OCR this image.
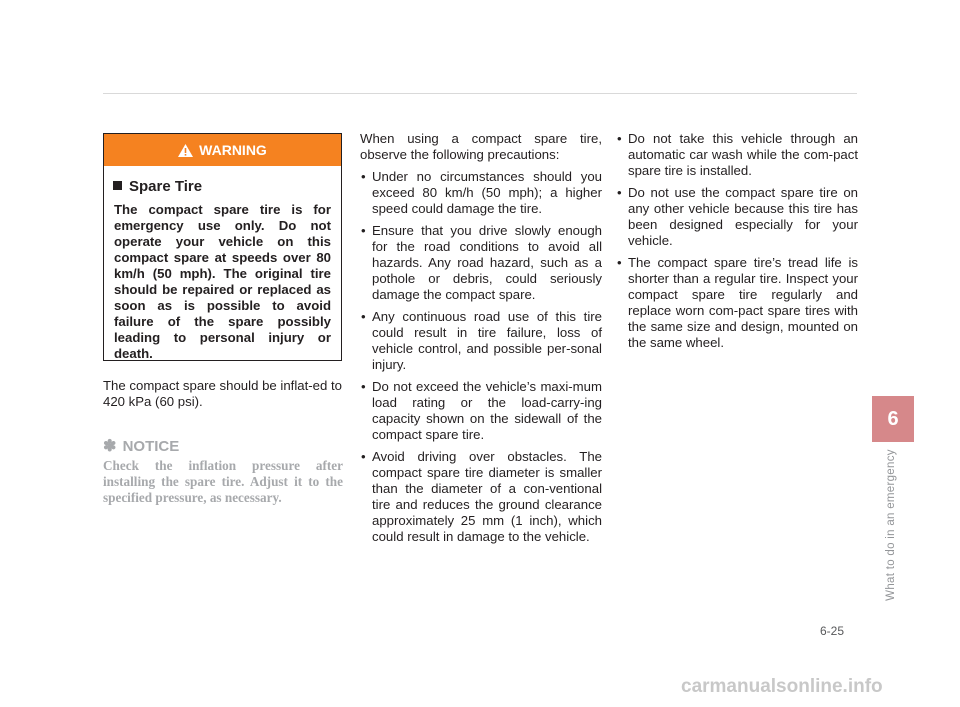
WARNING
Spare Tire
The compact spare tire is for emergency use only. Do not operate your vehicle on this compact spare at speeds over 80 km/h (50 mph). The original tire should be repaired or replaced as soon as is possible to avoid failure of the spare possibly leading to personal injury or death.
The compact spare should be inflat-ed to 420 kPa (60 psi).
✽ NOTICE
Check the inflation pressure after installing the spare tire. Adjust it to the specified pressure, as necessary.
When using a compact spare tire, observe the following precautions:
• Under no circumstances should you exceed 80 km/h (50 mph); a higher speed could damage the tire.
• Ensure that you drive slowly enough for the road conditions to avoid all hazards. Any road hazard, such as a pothole or debris, could seriously damage the compact spare.
• Any continuous road use of this tire could result in tire failure, loss of vehicle control, and possible per-sonal injury.
• Do not exceed the vehicle’s maxi-mum load rating or the load-carry-ing capacity shown on the sidewall of the compact spare tire.
• Avoid driving over obstacles. The compact spare tire diameter is smaller than the diameter of a con-ventional tire and reduces the ground clearance approximately 25 mm (1 inch), which could result in damage to the vehicle.
• Do not take this vehicle through an automatic car wash while the com-pact spare tire is installed.
• Do not use the compact spare tire on any other vehicle because this tire has been designed especially for your vehicle.
• The compact spare tire’s tread life is shorter than a regular tire. Inspect your compact spare tire regularly and replace worn com-pact spare tires with the same size and design, mounted on the same wheel.
6
What to do in an emergency
6-25
carmanualsonline.info
